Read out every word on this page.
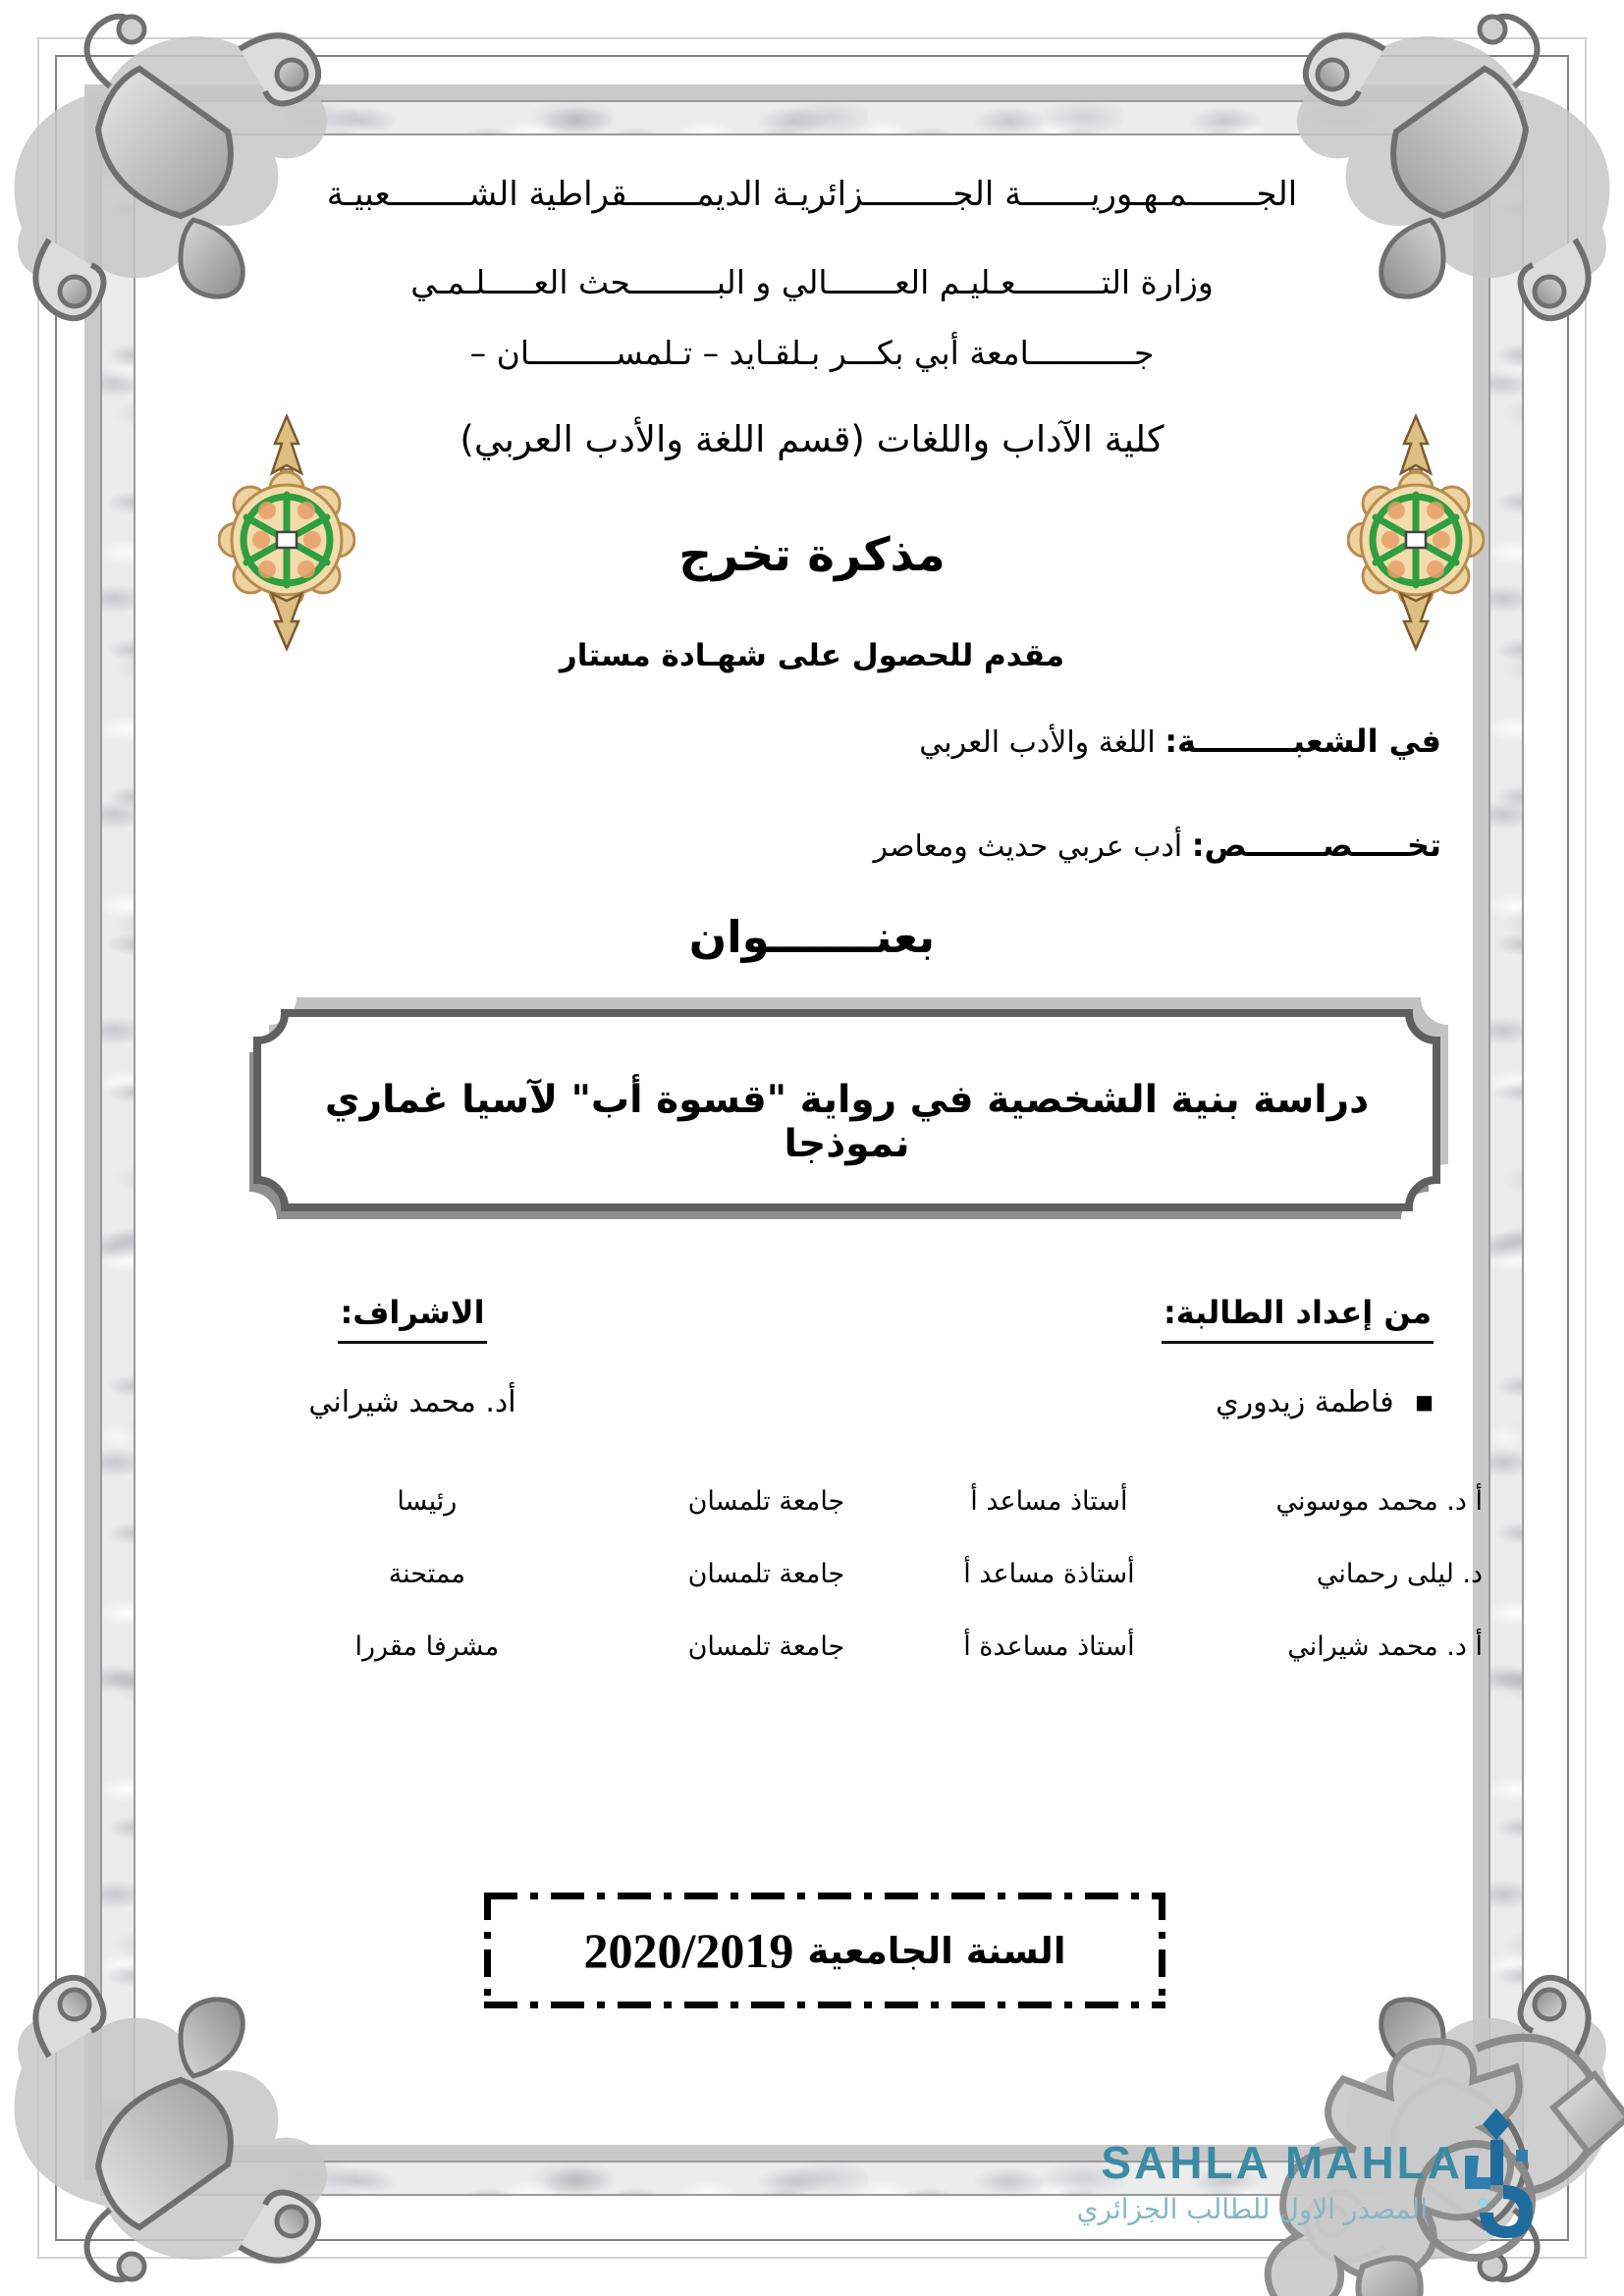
الجـــــــمـهـوريـــــــة الجـــــــــزائريـة الديمـــــــقراطية الشــــــــعبيـة
وزارة التـــــــــعـليـم العـــــــالي و البـــــــــحث العـــــلـمـي
جـــــــــــامعة أبي بكـــر بـلقـايد – تـلمســـــــــان –
كلية الآداب واللغات (قسم اللغة والأدب العربي)
مذكرة تخرج
مقدم للحصول على شهـادة مستار
في الشعبـــــــــة: اللغة والأدب العربي
تخـــــصـــــــص: أدب عربي حديث ومعاصر
بعنـــــــوان
دراسة بنية الشخصية في رواية "قسوة أب" لآسيا غماري نموذجا
من إعداد الطالبة:
■ فاطمة زيدوري
الاشراف:
أد. محمد شيراني
أ د. محمد موسوني
أستاذ مساعد أ
جامعة تلمسان
رئيسا
د. ليلى رحماني
أستاذة مساعد أ
جامعة تلمسان
ممتحنة
أ د. محمد شيراني
أستاذ مساعدة أ
جامعة تلمسان
مشرفا مقررا
السنة الجامعية
2020/2019
SAHLA MAHLA
المصدر الاول للطالب الجزائري
